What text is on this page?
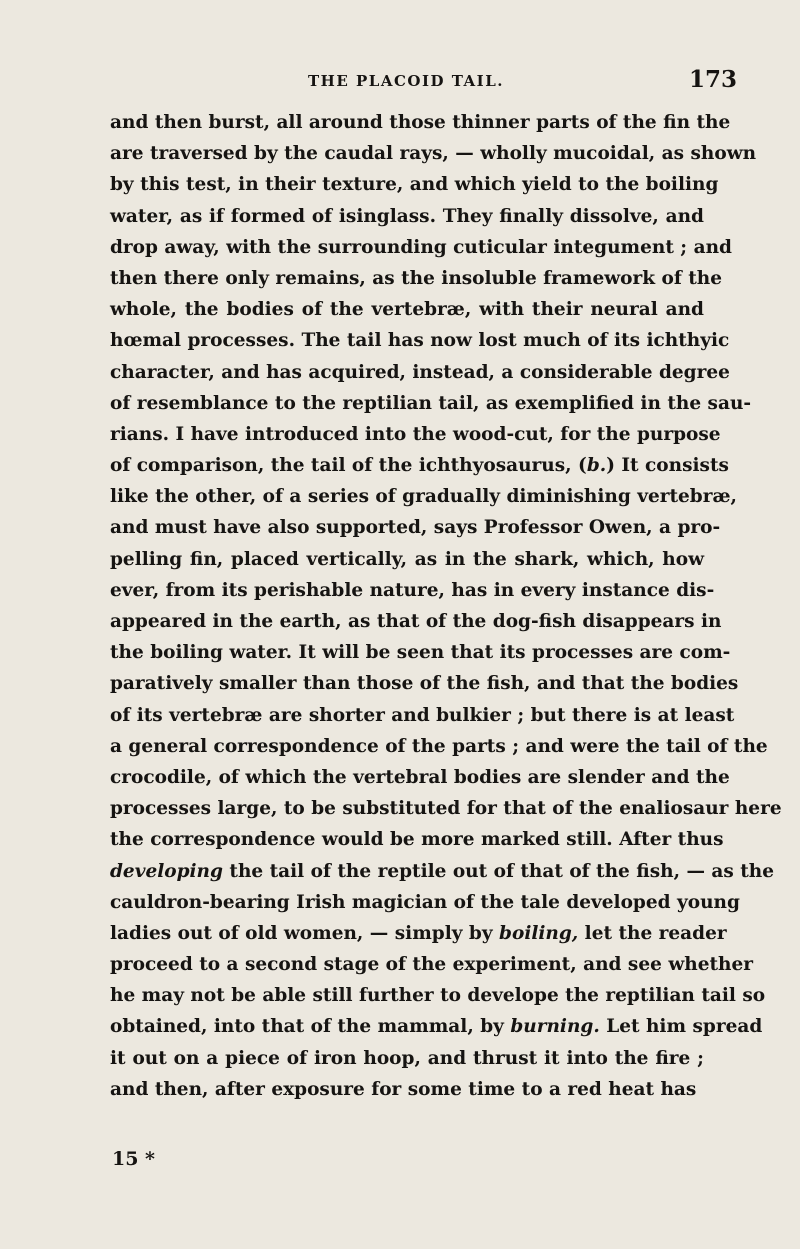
THE PLACOID TAIL.	173
and then burst, all around those thinner parts of the fin the
are traversed by the caudal rays, — wholly mucoidal, as shown
by this test, in their texture, and which yield to the boiling
water, as if formed of isinglass. They finally dissolve, and
drop away, with the surrounding cuticular integument ; and
then there only remains, as the insoluble framework of the
whole, the bodies of the vertebræ, with their neural and
hœmal processes. The tail has now lost much of its ichthyic
character, and has acquired, instead, a considerable degree
of resemblance to the reptilian tail, as exemplified in the sau-
rians. I have introduced into the wood-cut, for the purpose
of comparison, the tail of the ichthyosaurus, (b.) It consists
like the other, of a series of gradually diminishing vertebræ,
and must have also supported, says Professor Owen, a pro-
pelling fin, placed vertically, as in the shark, which, how
ever, from its perishable nature, has in every instance dis-
appeared in the earth, as that of the dog-fish disappears in
the boiling water. It will be seen that its processes are com-
paratively smaller than those of the fish, and that the bodies
of its vertebræ are shorter and bulkier ; but there is at least
a general correspondence of the parts ; and were the tail of the
crocodile, of which the vertebral bodies are slender and the
processes large, to be substituted for that of the enaliosaur here
the correspondence would be more marked still. After thus
developing the tail of the reptile out of that of the fish, — as the
cauldron-bearing Irish magician of the tale developed young
ladies out of old women, — simply by boiling, let the reader
proceed to a second stage of the experiment, and see whether
he may not be able still further to develope the reptilian tail so
obtained, into that of the mammal, by burning. Let him spread
it out on a piece of iron hoop, and thrust it into the fire ;
and then, after exposure for some time to a red heat has
15 *
